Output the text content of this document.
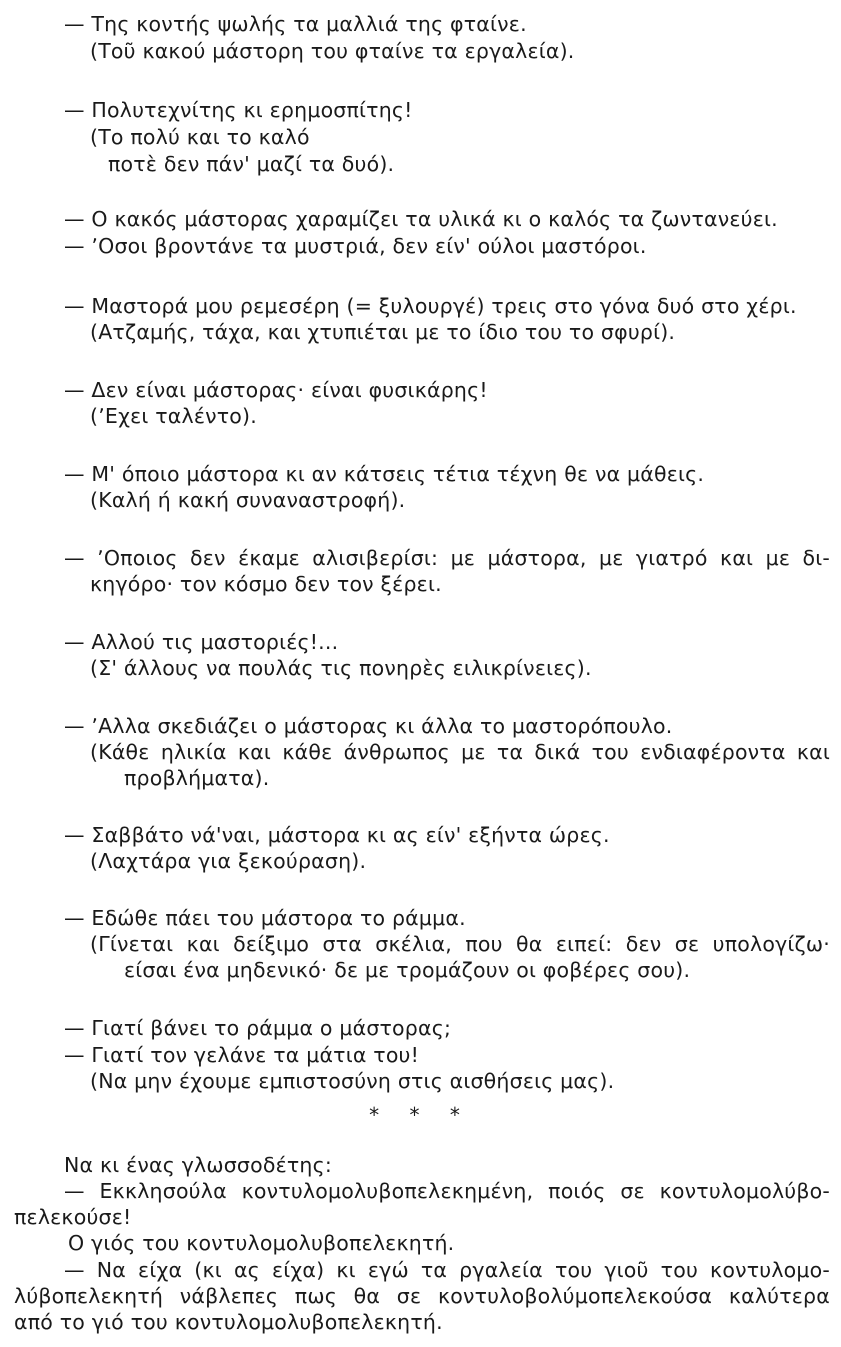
— Της κοντής ψωλής τα μαλλιά της φταίνε.
(Τοῦ κακού μάστορη του φταίνε τα εργαλεία).
— Πολυτεχνίτης κι ερημοσπίτης!
(Το πολύ και το καλό
ποτὲ δεν πάν' μαζί τα δυό).
— Ο κακός μάστορας χαραμίζει τα υλικά κι ο καλός τα ζωντανεύει.
— ʼΟσοι βροντάνε τα μυστριά, δεν είν' ούλοι μαστόροι.
— Μαστορά μου ρεμεσέρη (= ξυλουργέ) τρεις στο γόνα δυό στο χέρι.
(Ατζαμής, τάχα, και χτυπιέται με το ίδιο του το σφυρί).
— Δεν είναι μάστορας· είναι φυσικάρης!
(ʼΕχει ταλέντο).
— Μ' όποιο μάστορα κι αν κάτσεις τέτια τέχνη θε να μάθεις.
(Καλή ή κακή συναναστροφή).
— ʼΟποιος δεν έκαμε αλισιβερίσι: με μάστορα, με γιατρό και με δι-
κηγόρο· τον κόσμο δεν τον ξέρει.
— Αλλού τις μαστοριές!...
(Σ' άλλους να πουλάς τις πονηρὲς ειλικρίνειες).
— ʼΑλλα σκεδιάζει ο μάστορας κι άλλα το μαστορόπουλο.
(Κάθε ηλικία και κάθε άνθρωπος με τα δικά του ενδιαφέροντα και
προβλήματα).
— Σαββάτο νά'ναι, μάστορα κι ας είν' εξήντα ώρες.
(Λαχτάρα για ξεκούραση).
— Εδώθε πάει του μάστορα το ράμμα.
(Γίνεται και δείξιμο στα σκέλια, που θα ειπεί: δεν σε υπολογίζω·
είσαι ένα μηδενικό· δε με τρομάζουν οι φοβέρες σου).
— Γιατί βάνει το ράμμα ο μάστορας;
— Γιατί τον γελάνε τα μάτια του!
(Να μην έχουμε εμπιστοσύνη στις αισθήσεις μας).
* * *
Να κι ένας γλωσσοδέτης:
— Εκκλησούλα κοντυλομολυβοπελεκημένη, ποιός σε κοντυλομολύβο-
πελεκούσε!
Ο γιός του κοντυλομολυβοπελεκητή.
— Να είχα (κι ας είχα) κι εγώ τα ργαλεία του γιοῦ του κοντυλομο-
λύβοπελεκητή νάβλεπες πως θα σε κοντυλοβολύμοπελεκούσα καλύτερα
από το γιό του κοντυλομολυβοπελεκητή.
